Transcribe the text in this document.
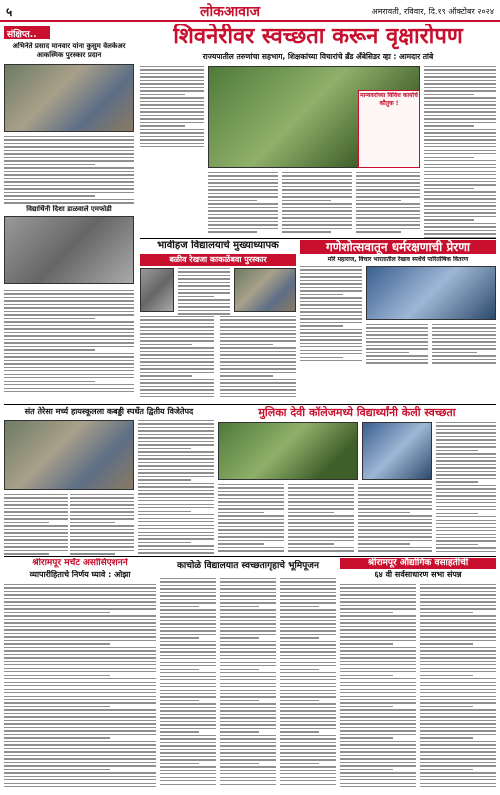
५	लोकआवाज	अमरावती, रविवार, दि.१९ ऑक्टोबर २०२४
संक्षिप्त..
अभिनेते प्रसाद मानवार यांना कुसुम वेलकेअर आकस्मिक पुरस्कार प्रदान
विद्यार्थिनी दिशा डाळवाले एमफोडी
शिवनेरीवर स्वच्छता करून वृक्षारोपण
राज्यपातील तरुणांचा सहभाग, शिक्षकांच्या विचारांचे ब्रँड अँबेसिडर व्हा : आमदार तांबे
मान्यवरांच्या विविध कार्याचे कौतुक !
भावीहज विद्यालयाचे मुख्याध्यापक
बळीव रेखजा काकळेंबवा पुरस्कार
गणेशोत्सवातून धर्मरक्षणाची प्रेरणा
मोरे महाराज, विचार भारतातील रेखाव स्पर्धेचे पारितोषिक वितरण
संत तेरेसा मर्च्य हायस्कूलला कबड्डी स्पर्धेत द्वितीय विजेतेपद	मुलिका देवी कॉलेजमध्ये विद्यार्थ्यांनी केली स्वच्छता
श्रीरामपूर मर्चंट असोसिएशनने
व्यापारीहिताचे निर्णय घ्यावे : ओझा
काचोळे विद्यालयात स्वच्छतागृहाचे भूमिपूजन	श्रीरामपूर औद्योगिक वसाहतीची
६४ वी सर्वसाधारण सभा संपन्न
